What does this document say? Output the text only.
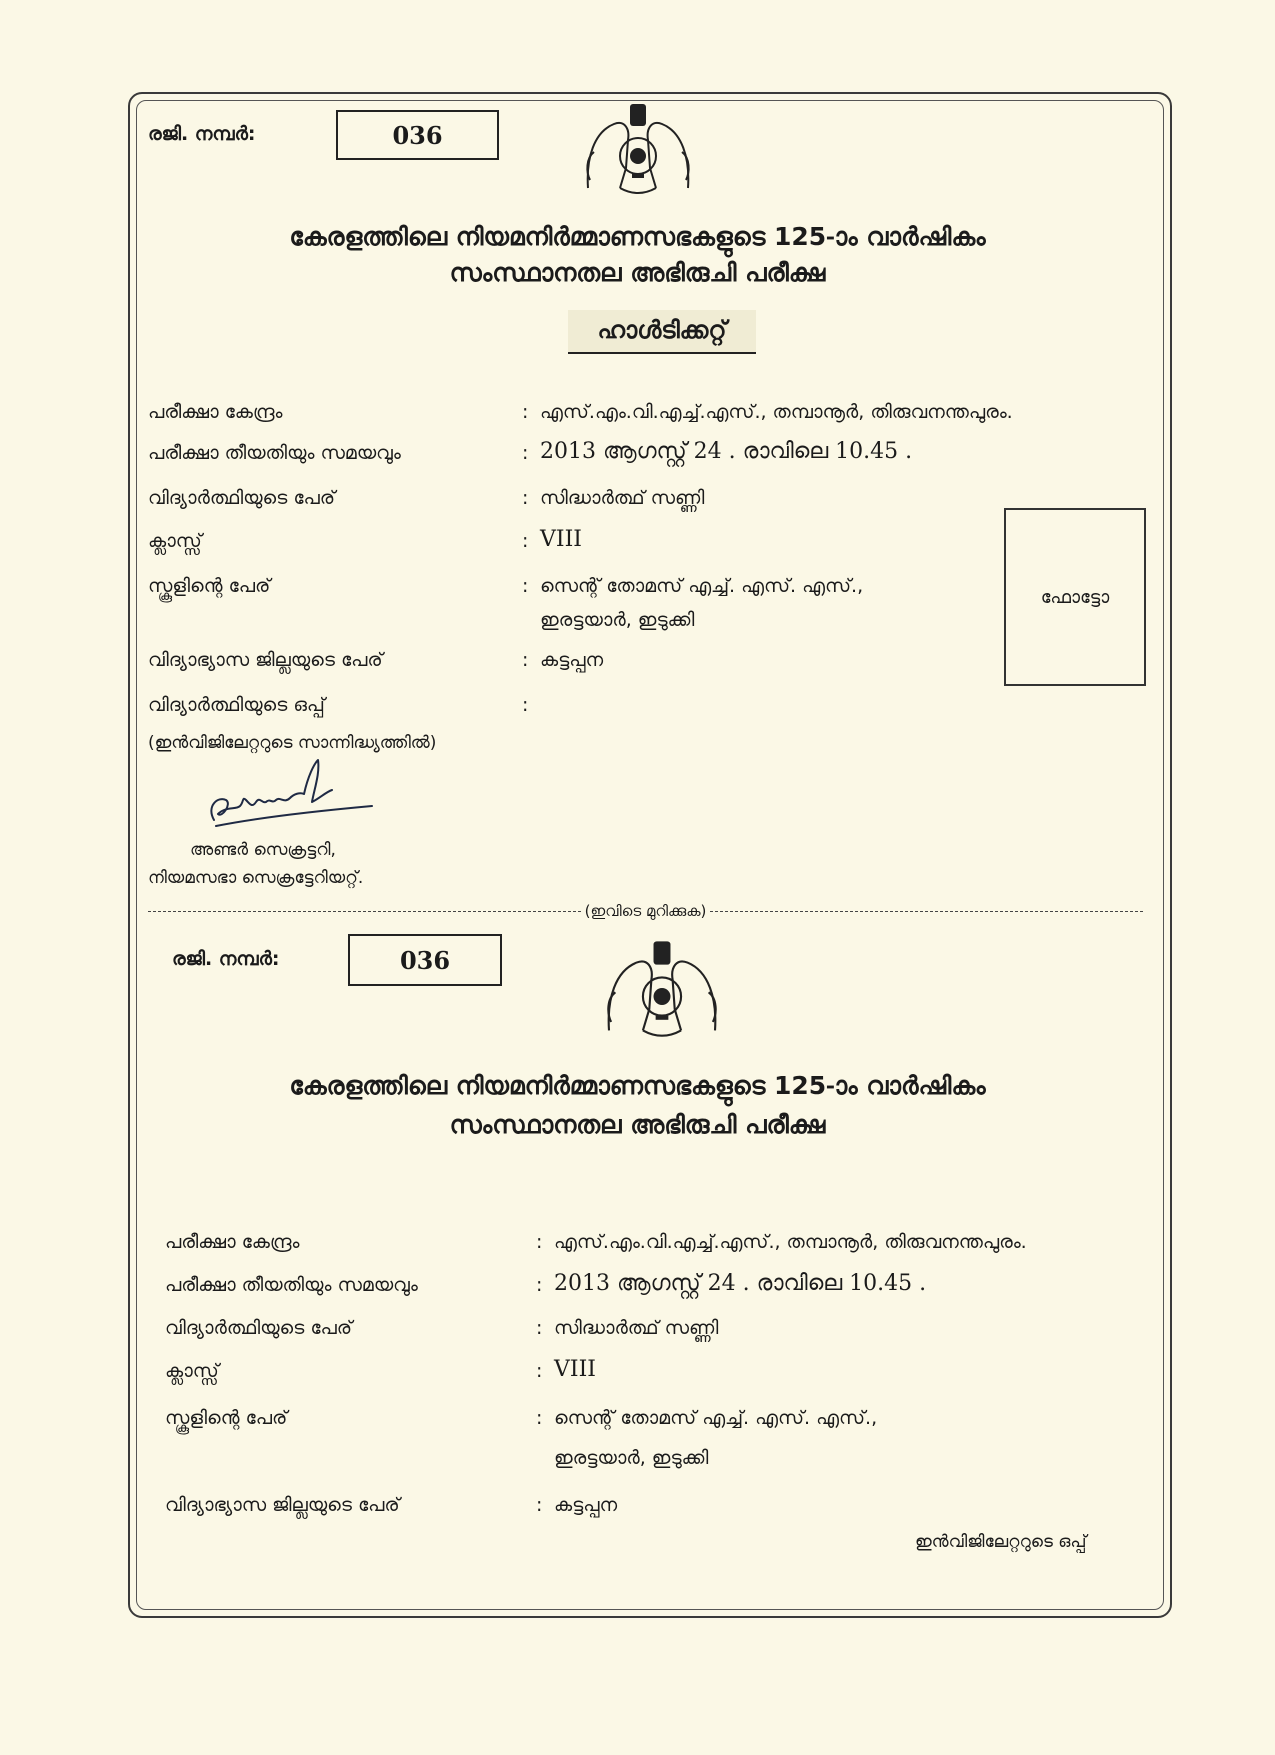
രജി. നമ്പർ:	036
കേരളത്തിലെ നിയമനിർമ്മാണസഭകളുടെ 125-ാം വാർഷികം
സംസ്ഥാനതല അഭിരുചി പരീക്ഷ
ഹാൾടിക്കറ്റ്
പരീക്ഷാ കേന്ദ്രം	: എസ്.എം.വി.എച്ച്.എസ്., തമ്പാനൂർ, തിരുവനന്തപുരം.
പരീക്ഷാ തീയതിയും സമയവും	: 2013 ആഗസ്റ്റ് 24 . രാവിലെ 10.45 .
വിദ്യാർത്ഥിയുടെ പേര്	: സിദ്ധാർത്ഥ് സണ്ണി
ക്ലാസ്സ്	: VIII
സ്കൂളിന്റെ പേര്	: സെന്റ് തോമസ് എച്ച്. എസ്. എസ്.,
ഇരട്ടയാർ, ഇടുക്കി
വിദ്യാഭ്യാസ ജില്ലയുടെ പേര്	: കട്ടപ്പന
വിദ്യാർത്ഥിയുടെ ഒപ്പ്	:
(ഇൻവിജിലേറ്ററുടെ സാന്നിദ്ധ്യത്തിൽ)
ഫോട്ടോ
അണ്ടർ സെക്രട്ടറി,
നിയമസഭാ സെക്രട്ടേറിയറ്റ്.
(ഇവിടെ മുറിക്കുക)
രജി. നമ്പർ:	036
കേരളത്തിലെ നിയമനിർമ്മാണസഭകളുടെ 125-ാം വാർഷികം
സംസ്ഥാനതല അഭിരുചി പരീക്ഷ
പരീക്ഷാ കേന്ദ്രം	: എസ്.എം.വി.എച്ച്.എസ്., തമ്പാനൂർ, തിരുവനന്തപുരം.
പരീക്ഷാ തീയതിയും സമയവും	: 2013 ആഗസ്റ്റ് 24 . രാവിലെ 10.45 .
വിദ്യാർത്ഥിയുടെ പേര്	: സിദ്ധാർത്ഥ് സണ്ണി
ക്ലാസ്സ്	: VIII
സ്കൂളിന്റെ പേര്	: സെന്റ് തോമസ് എച്ച്. എസ്. എസ്.,
ഇരട്ടയാർ, ഇടുക്കി
വിദ്യാഭ്യാസ ജില്ലയുടെ പേര്	: കട്ടപ്പന
ഇൻവിജിലേറ്ററുടെ ഒപ്പ്
